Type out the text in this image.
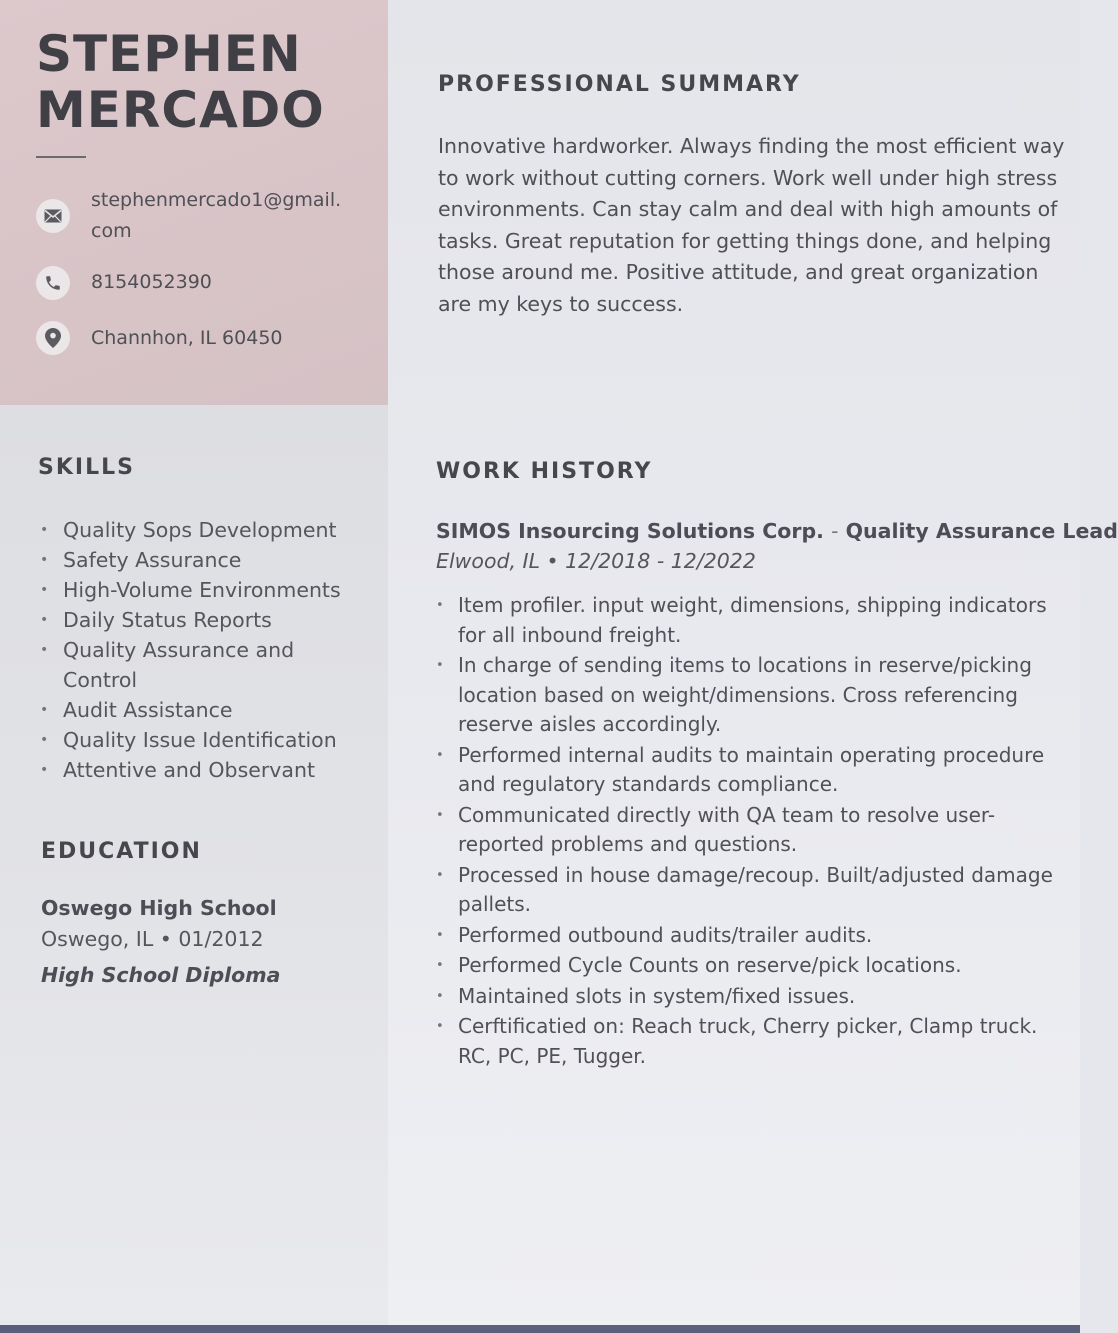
STEPHEN
MERCADO

stephenmercado1@gmail.
com

8154052390

Channhon, IL 60450

SKILLS
• Quality Sops Development
• Safety Assurance
• High-Volume Environments
• Daily Status Reports
• Quality Assurance and Control
• Audit Assistance
• Quality Issue Identification
• Attentive and Observant
EDUCATION

Oswego High School

Oswego, IL • 01/2012

High School Diploma

PROFESSIONAL SUMMARY

Innovative hardworker. Always finding the most efficient way to work without cutting corners. Work well under high stress environments. Can stay calm and deal with high amounts of tasks. Great reputation for getting things done, and helping those around me. Positive attitude, and great organization are my keys to success.

WORK HISTORY

SIMOS Insourcing Solutions Corp. - Quality Assurance Lead

Elwood, IL • 12/2018 - 12/2022

• Item profiler. input weight, dimensions, shipping indicators for all inbound freight.
• In charge of sending items to locations in reserve/picking location based on weight/dimensions. Cross referencing reserve aisles accordingly.
• Performed internal audits to maintain operating procedure and regulatory standards compliance.
• Communicated directly with QA team to resolve user-reported problems and questions.
• Processed in house damage/recoup. Built/adjusted damage pallets.
• Performed outbound audits/trailer audits.
• Performed Cycle Counts on reserve/pick locations.
• Maintained slots in system/fixed issues.
• Cerftificatied on: Reach truck, Cherry picker, Clamp truck. RC, PC, PE, Tugger.
